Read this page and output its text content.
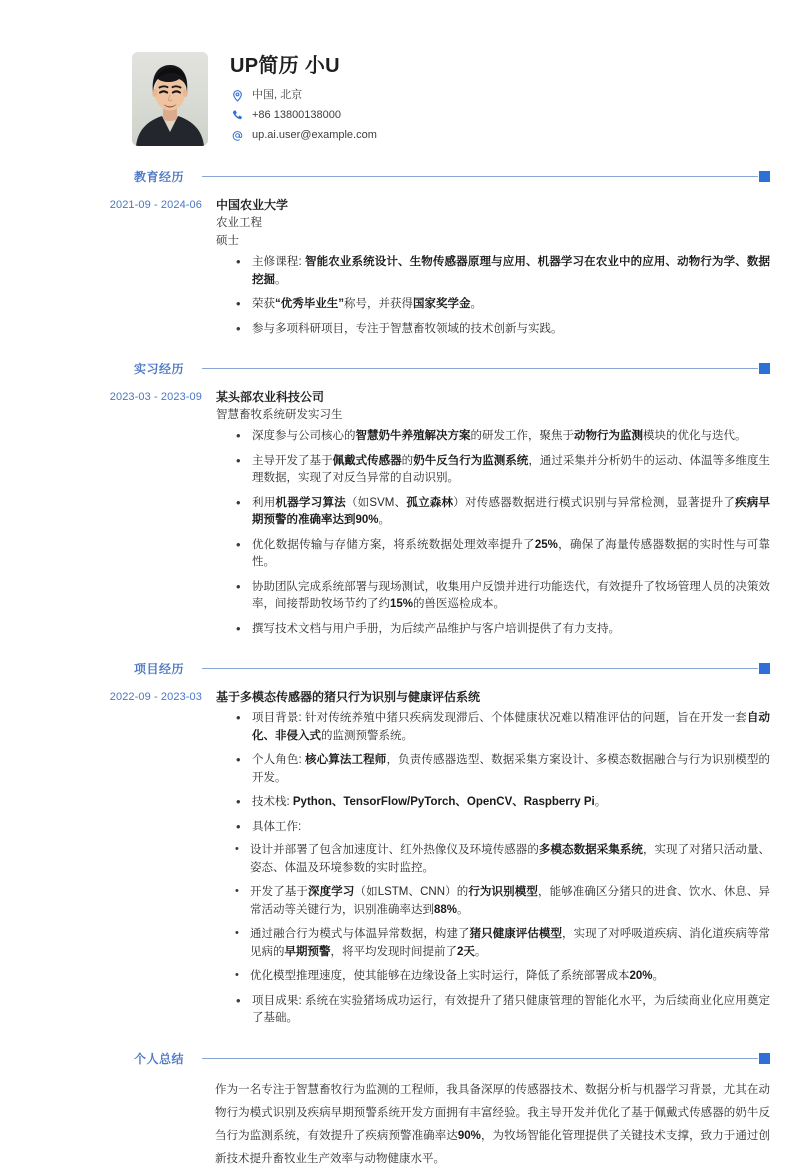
UP简历 小U
中国, 北京
+86 13800138000
up.ai.user@example.com
教育经历
2021-09 - 2024-06 中国农业大学
农业工程
硕士
• 主修课程: 智能农业系统设计、生物传感器原理与应用、机器学习在农业中的应用、动物行为学、数据挖掘。
• 荣获“优秀毕业生”称号，并获得国家奖学金。
• 参与多项科研项目，专注于智慧畜牧领域的技术创新与实践。
实习经历
2023-03 - 2023-09 某头部农业科技公司
智慧畜牧系统研发实习生
• 深度参与公司核心的智慧奶牛养殖解决方案的研发工作，聚焦于动物行为监测模块的优化与迭代。
• 主导开发了基于佩戴式传感器的奶牛反刍行为监测系统，通过采集并分析奶牛的运动、体温等多维度生理数据，实现了对反刍异常的自动识别。
• 利用机器学习算法（如SVM、孤立森林）对传感器数据进行模式识别与异常检测，显著提升了疾病早期预警的准确率达到90%。
• 优化数据传输与存储方案，将系统数据处理效率提升了25%，确保了海量传感器数据的实时性与可靠性。
• 协助团队完成系统部署与现场测试，收集用户反馈并进行功能迭代，有效提升了牧场管理人员的决策效率，间接帮助牧场节约了约15%的兽医巡检成本。
• 撰写技术文档与用户手册，为后续产品维护与客户培训提供了有力支持。
项目经历
2022-09 - 2023-03 基于多模态传感器的猪只行为识别与健康评估系统
• 项目背景: 针对传统养殖中猪只疾病发现滞后、个体健康状况难以精准评估的问题，旨在开发一套自动化、非侵入式的监测预警系统。
• 个人角色: 核心算法工程师，负责传感器选型、数据采集方案设计、多模态数据融合与行为识别模型的开发。
• 技术栈: Python、TensorFlow/PyTorch、OpenCV、Raspberry Pi。
• 具体工作:
• 设计并部署了包含加速度计、红外热像仪及环境传感器的多模态数据采集系统，实现了对猪只活动量、姿态、体温及环境参数的实时监控。
• 开发了基于深度学习（如LSTM、CNN）的行为识别模型，能够准确区分猪只的进食、饮水、休息、异常活动等关键行为，识别准确率达到88%。
• 通过融合行为模式与体温异常数据，构建了猪只健康评估模型，实现了对呼吸道疾病、消化道疾病等常见病的早期预警，将平均发现时间提前了2天。
• 优化模型推理速度，使其能够在边缘设备上实时运行，降低了系统部署成本20%。
• 项目成果: 系统在实验猪场成功运行，有效提升了猪只健康管理的智能化水平，为后续商业化应用奠定了基础。
个人总结
作为一名专注于智慧畜牧行为监测的工程师，我具备深厚的传感器技术、数据分析与机器学习背景，尤其在动物行为模式识别及疾病早期预警系统开发方面拥有丰富经验。我主导开发并优化了基于佩戴式传感器的奶牛反刍行为监测系统，有效提升了疾病预警准确率达90%，为牧场智能化管理提供了关键技术支撑，致力于通过创新技术提升畜牧业生产效率与动物健康水平。
